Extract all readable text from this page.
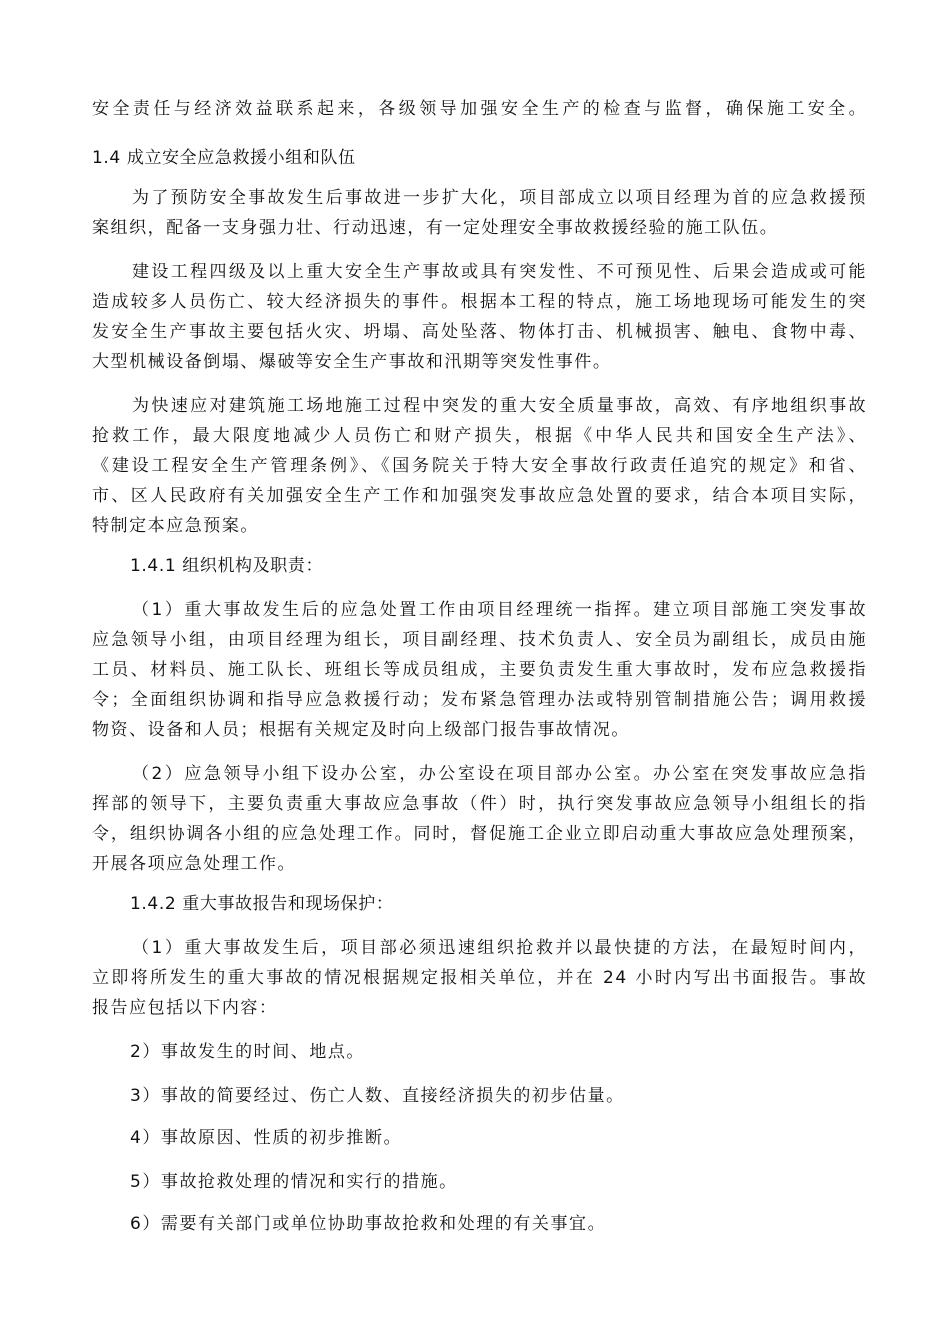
安全责任与经济效益联系起来，各级领导加强安全生产的检查与监督，确保施工安全。
1.4 成立安全应急救援小组和队伍
为了预防安全事故发生后事故进一步扩大化，项目部成立以项目经理为首的应急救援预
案组织，配备一支身强力壮、行动迅速，有一定处理安全事故救援经验的施工队伍。
建设工程四级及以上重大安全生产事故或具有突发性、不可预见性、后果会造成或可能
造成较多人员伤亡、较大经济损失的事件。根据本工程的特点，施工场地现场可能发生的突
发安全生产事故主要包括火灾、坍塌、高处坠落、物体打击、机械损害、触电、食物中毒、
大型机械设备倒塌、爆破等安全生产事故和汛期等突发性事件。
为快速应对建筑施工场地施工过程中突发的重大安全质量事故，高效、有序地组织事故
抢救工作，最大限度地减少人员伤亡和财产损失，根据《中华人民共和国安全生产法》、
《建设工程安全生产管理条例》、《国务院关于特大安全事故行政责任追究的规定》和省、
市、区人民政府有关加强安全生产工作和加强突发事故应急处置的要求，结合本项目实际，
特制定本应急预案。
1.4.1 组织机构及职责：
（1）重大事故发生后的应急处置工作由项目经理统一指挥。建立项目部施工突发事故
应急领导小组，由项目经理为组长，项目副经理、技术负责人、安全员为副组长，成员由施
工员、材料员、施工队长、班组长等成员组成，主要负责发生重大事故时，发布应急救援指
令；全面组织协调和指导应急救援行动；发布紧急管理办法或特别管制措施公告；调用救援
物资、设备和人员；根据有关规定及时向上级部门报告事故情况。
（2）应急领导小组下设办公室，办公室设在项目部办公室。办公室在突发事故应急指
挥部的领导下，主要负责重大事故应急事故（件）时，执行突发事故应急领导小组组长的指
令，组织协调各小组的应急处理工作。同时，督促施工企业立即启动重大事故应急处理预案，
开展各项应急处理工作。
1.4.2 重大事故报告和现场保护：
（1）重大事故发生后，项目部必须迅速组织抢救并以最快捷的方法，在最短时间内，
立即将所发生的重大事故的情况根据规定报相关单位，并在 24 小时内写出书面报告。事故
报告应包括以下内容：
2）事故发生的时间、地点。
3）事故的简要经过、伤亡人数、直接经济损失的初步估量。
4）事故原因、性质的初步推断。
5）事故抢救处理的情况和实行的措施。
6）需要有关部门或单位协助事故抢救和处理的有关事宜。
